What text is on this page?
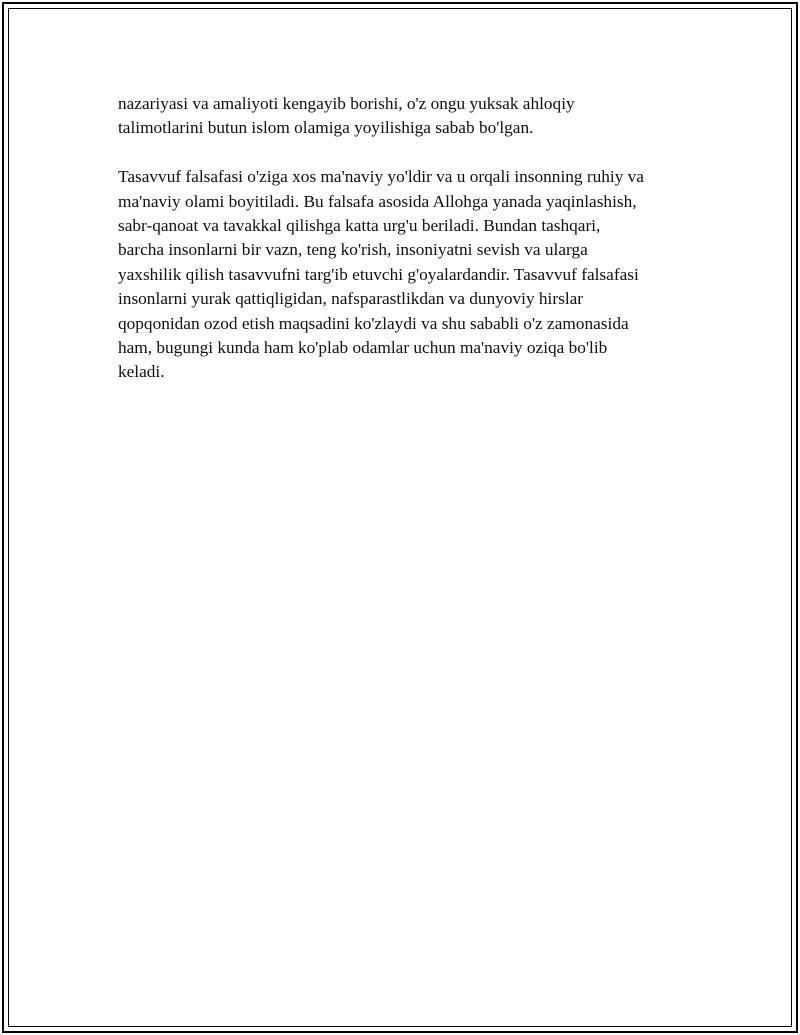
nazariyasi va amaliyoti kengayib borishi, o'z ongu yuksak ahloqiy
talimotlarini butun islom olamiga yoyilishiga sabab bo'lgan.

Tasavvuf falsafasi o'ziga xos ma'naviy yo'ldir va u orqali insonning ruhiy va
ma'naviy olami boyitiladi. Bu falsafa asosida Allohga yanada yaqinlashish,
sabr-qanoat va tavakkal qilishga katta urg'u beriladi. Bundan tashqari,
barcha insonlarni bir vazn, teng ko'rish, insoniyatni sevish va ularga
yaxshilik qilish tasavvufni targ'ib etuvchi g'oyalardandir. Tasavvuf falsafasi
insonlarni yurak qattiqligidan, nafsparastlikdan va dunyoviy hirslar
qopqonidan ozod etish maqsadini ko'zlaydi va shu sababli o'z zamonasida
ham, bugungi kunda ham ko'plab odamlar uchun ma'naviy oziqa bo'lib
keladi.
